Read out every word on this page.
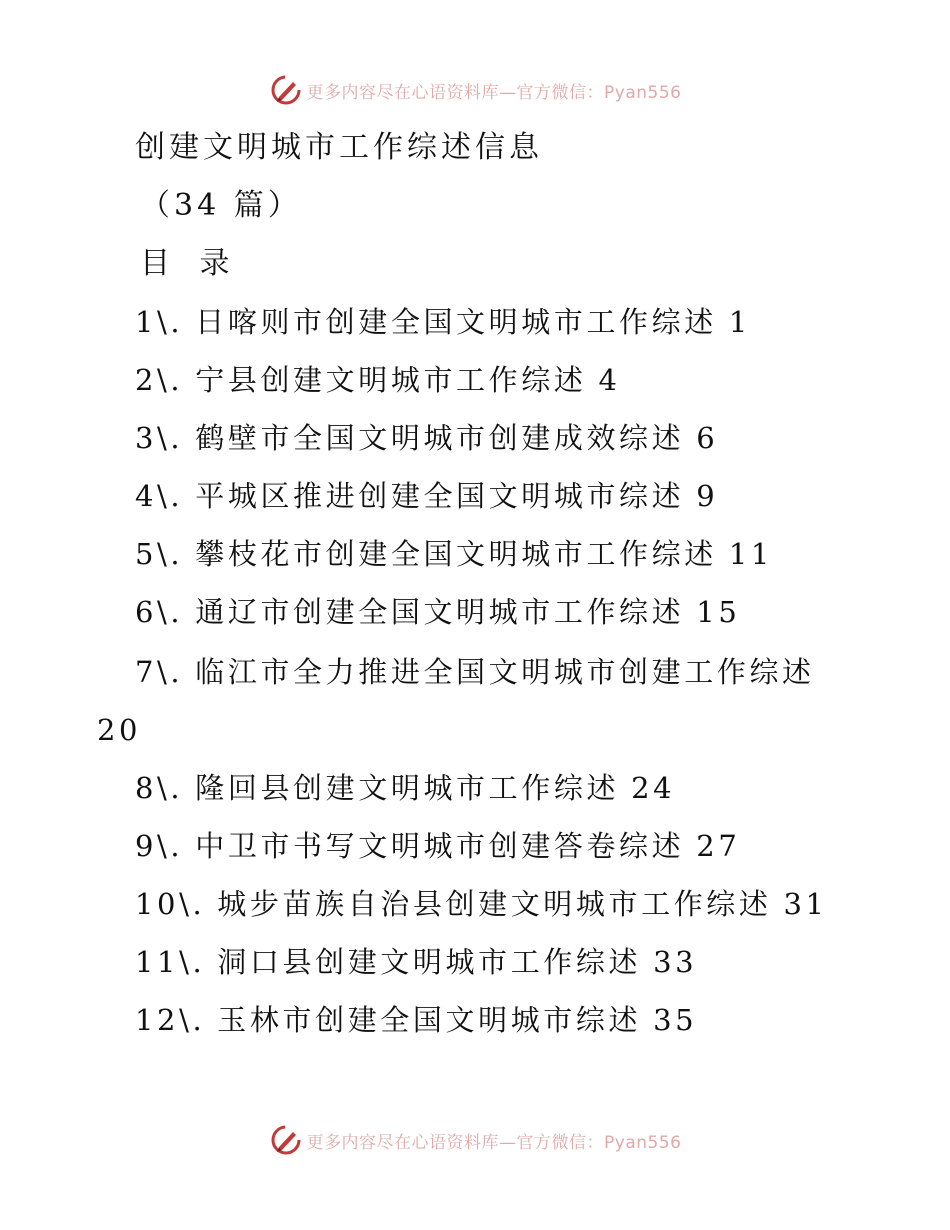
更多内容尽在心语资料库—官方微信：Pyan556
创建文明城市工作综述信息
（34 篇）
目 录
1\. 日喀则市创建全国文明城市工作综述 1
2\. 宁县创建文明城市工作综述 4
3\. 鹤壁市全国文明城市创建成效综述 6
4\. 平城区推进创建全国文明城市综述 9
5\. 攀枝花市创建全国文明城市工作综述 11
6\. 通辽市创建全国文明城市工作综述 15
7\. 临江市全力推进全国文明城市创建工作综述
20
8\. 隆回县创建文明城市工作综述 24
9\. 中卫市书写文明城市创建答卷综述 27
10\. 城步苗族自治县创建文明城市工作综述 31
11\. 洞口县创建文明城市工作综述 33
12\. 玉林市创建全国文明城市综述 35
更多内容尽在心语资料库—官方微信：Pyan556
